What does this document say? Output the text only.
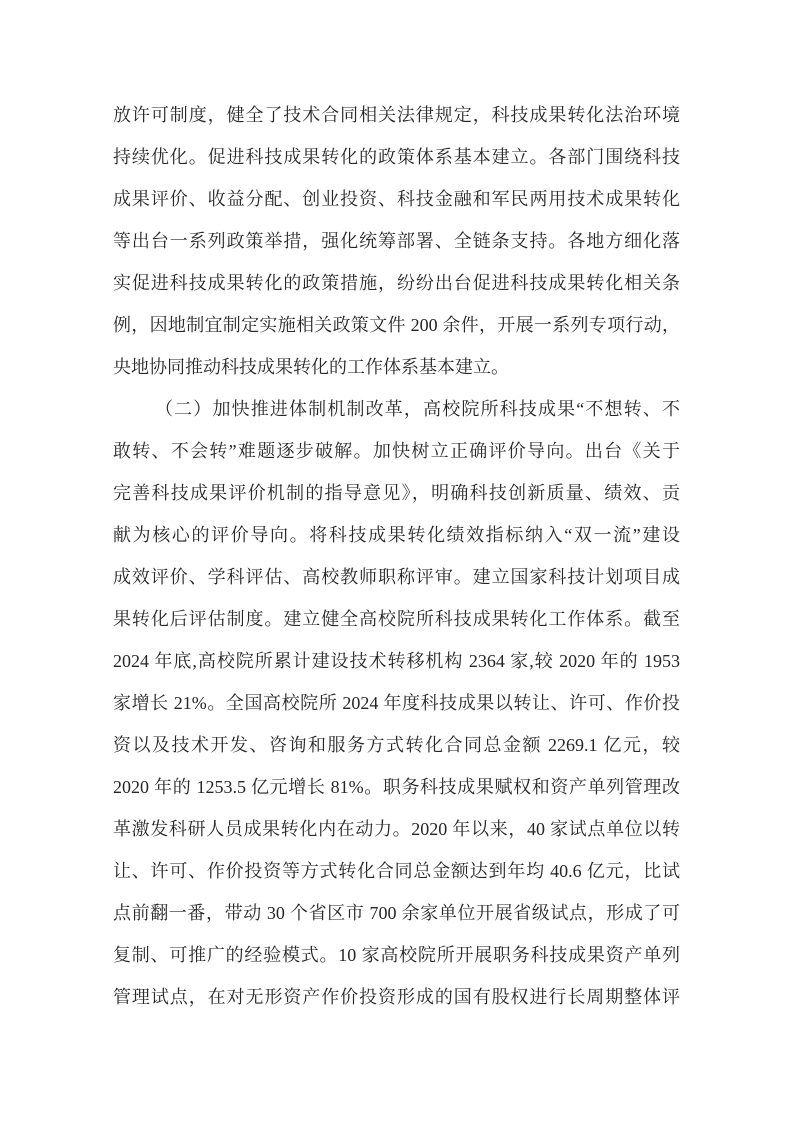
放许可制度，健全了技术合同相关法律规定，科技成果转化法治环境
持续优化。促进科技成果转化的政策体系基本建立。各部门围绕科技
成果评价、收益分配、创业投资、科技金融和军民两用技术成果转化
等出台一系列政策举措，强化统筹部署、全链条支持。各地方细化落
实促进科技成果转化的政策措施，纷纷出台促进科技成果转化相关条
例，因地制宜制定实施相关政策文件 200 余件，开展一系列专项行动，
央地协同推动科技成果转化的工作体系基本建立。
（二）加快推进体制机制改革，高校院所科技成果“不想转、不
敢转、不会转”难题逐步破解。加快树立正确评价导向。出台《关于
完善科技成果评价机制的指导意见》，明确科技创新质量、绩效、贡
献为核心的评价导向。将科技成果转化绩效指标纳入“双一流”建设
成效评价、学科评估、高校教师职称评审。建立国家科技计划项目成
果转化后评估制度。建立健全高校院所科技成果转化工作体系。截至
2024 年底,高校院所累计建设技术转移机构 2364 家,较 2020 年的 1953
家增长 21%。全国高校院所 2024 年度科技成果以转让、许可、作价投
资以及技术开发、咨询和服务方式转化合同总金额 2269.1 亿元，较
2020 年的 1253.5 亿元增长 81%。职务科技成果赋权和资产单列管理改
革激发科研人员成果转化内在动力。2020 年以来，40 家试点单位以转
让、许可、作价投资等方式转化合同总金额达到年均 40.6 亿元，比试
点前翻一番，带动 30 个省区市 700 余家单位开展省级试点，形成了可
复制、可推广的经验模式。10 家高校院所开展职务科技成果资产单列
管理试点，在对无形资产作价投资形成的国有股权进行长周期整体评
